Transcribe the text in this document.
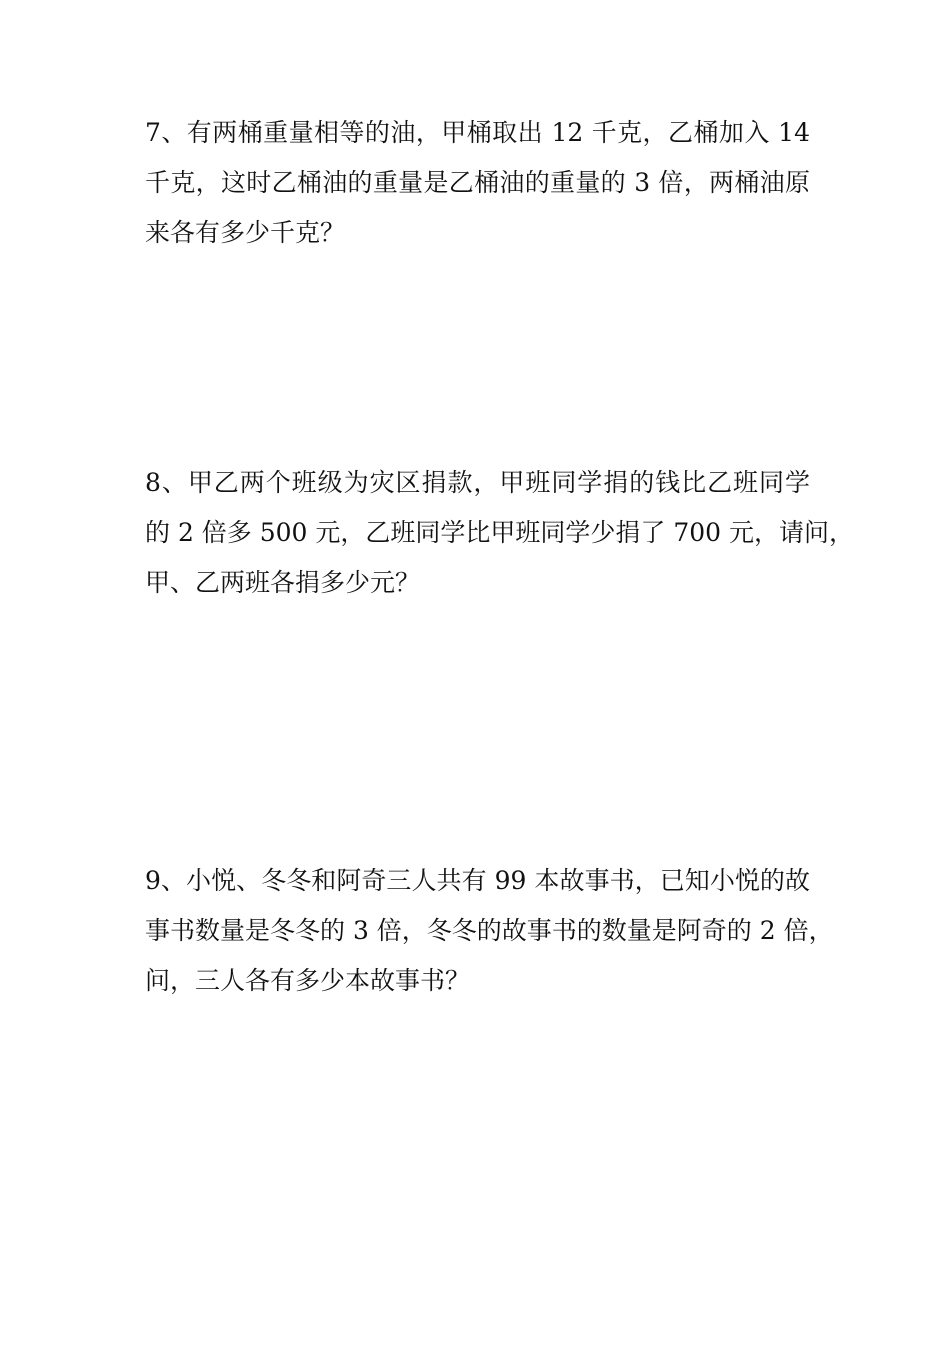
7、有两桶重量相等的油，甲桶取出 12 千克，乙桶加入 14
千克，这时乙桶油的重量是乙桶油的重量的 3 倍，两桶油原
来各有多少千克？
8、甲乙两个班级为灾区捐款，甲班同学捐的钱比乙班同学
的 2 倍多 500 元，乙班同学比甲班同学少捐了 700 元，请问，
甲、乙两班各捐多少元？
9、小悦、冬冬和阿奇三人共有 99 本故事书，已知小悦的故
事书数量是冬冬的 3 倍，冬冬的故事书的数量是阿奇的 2 倍，
问，三人各有多少本故事书？
